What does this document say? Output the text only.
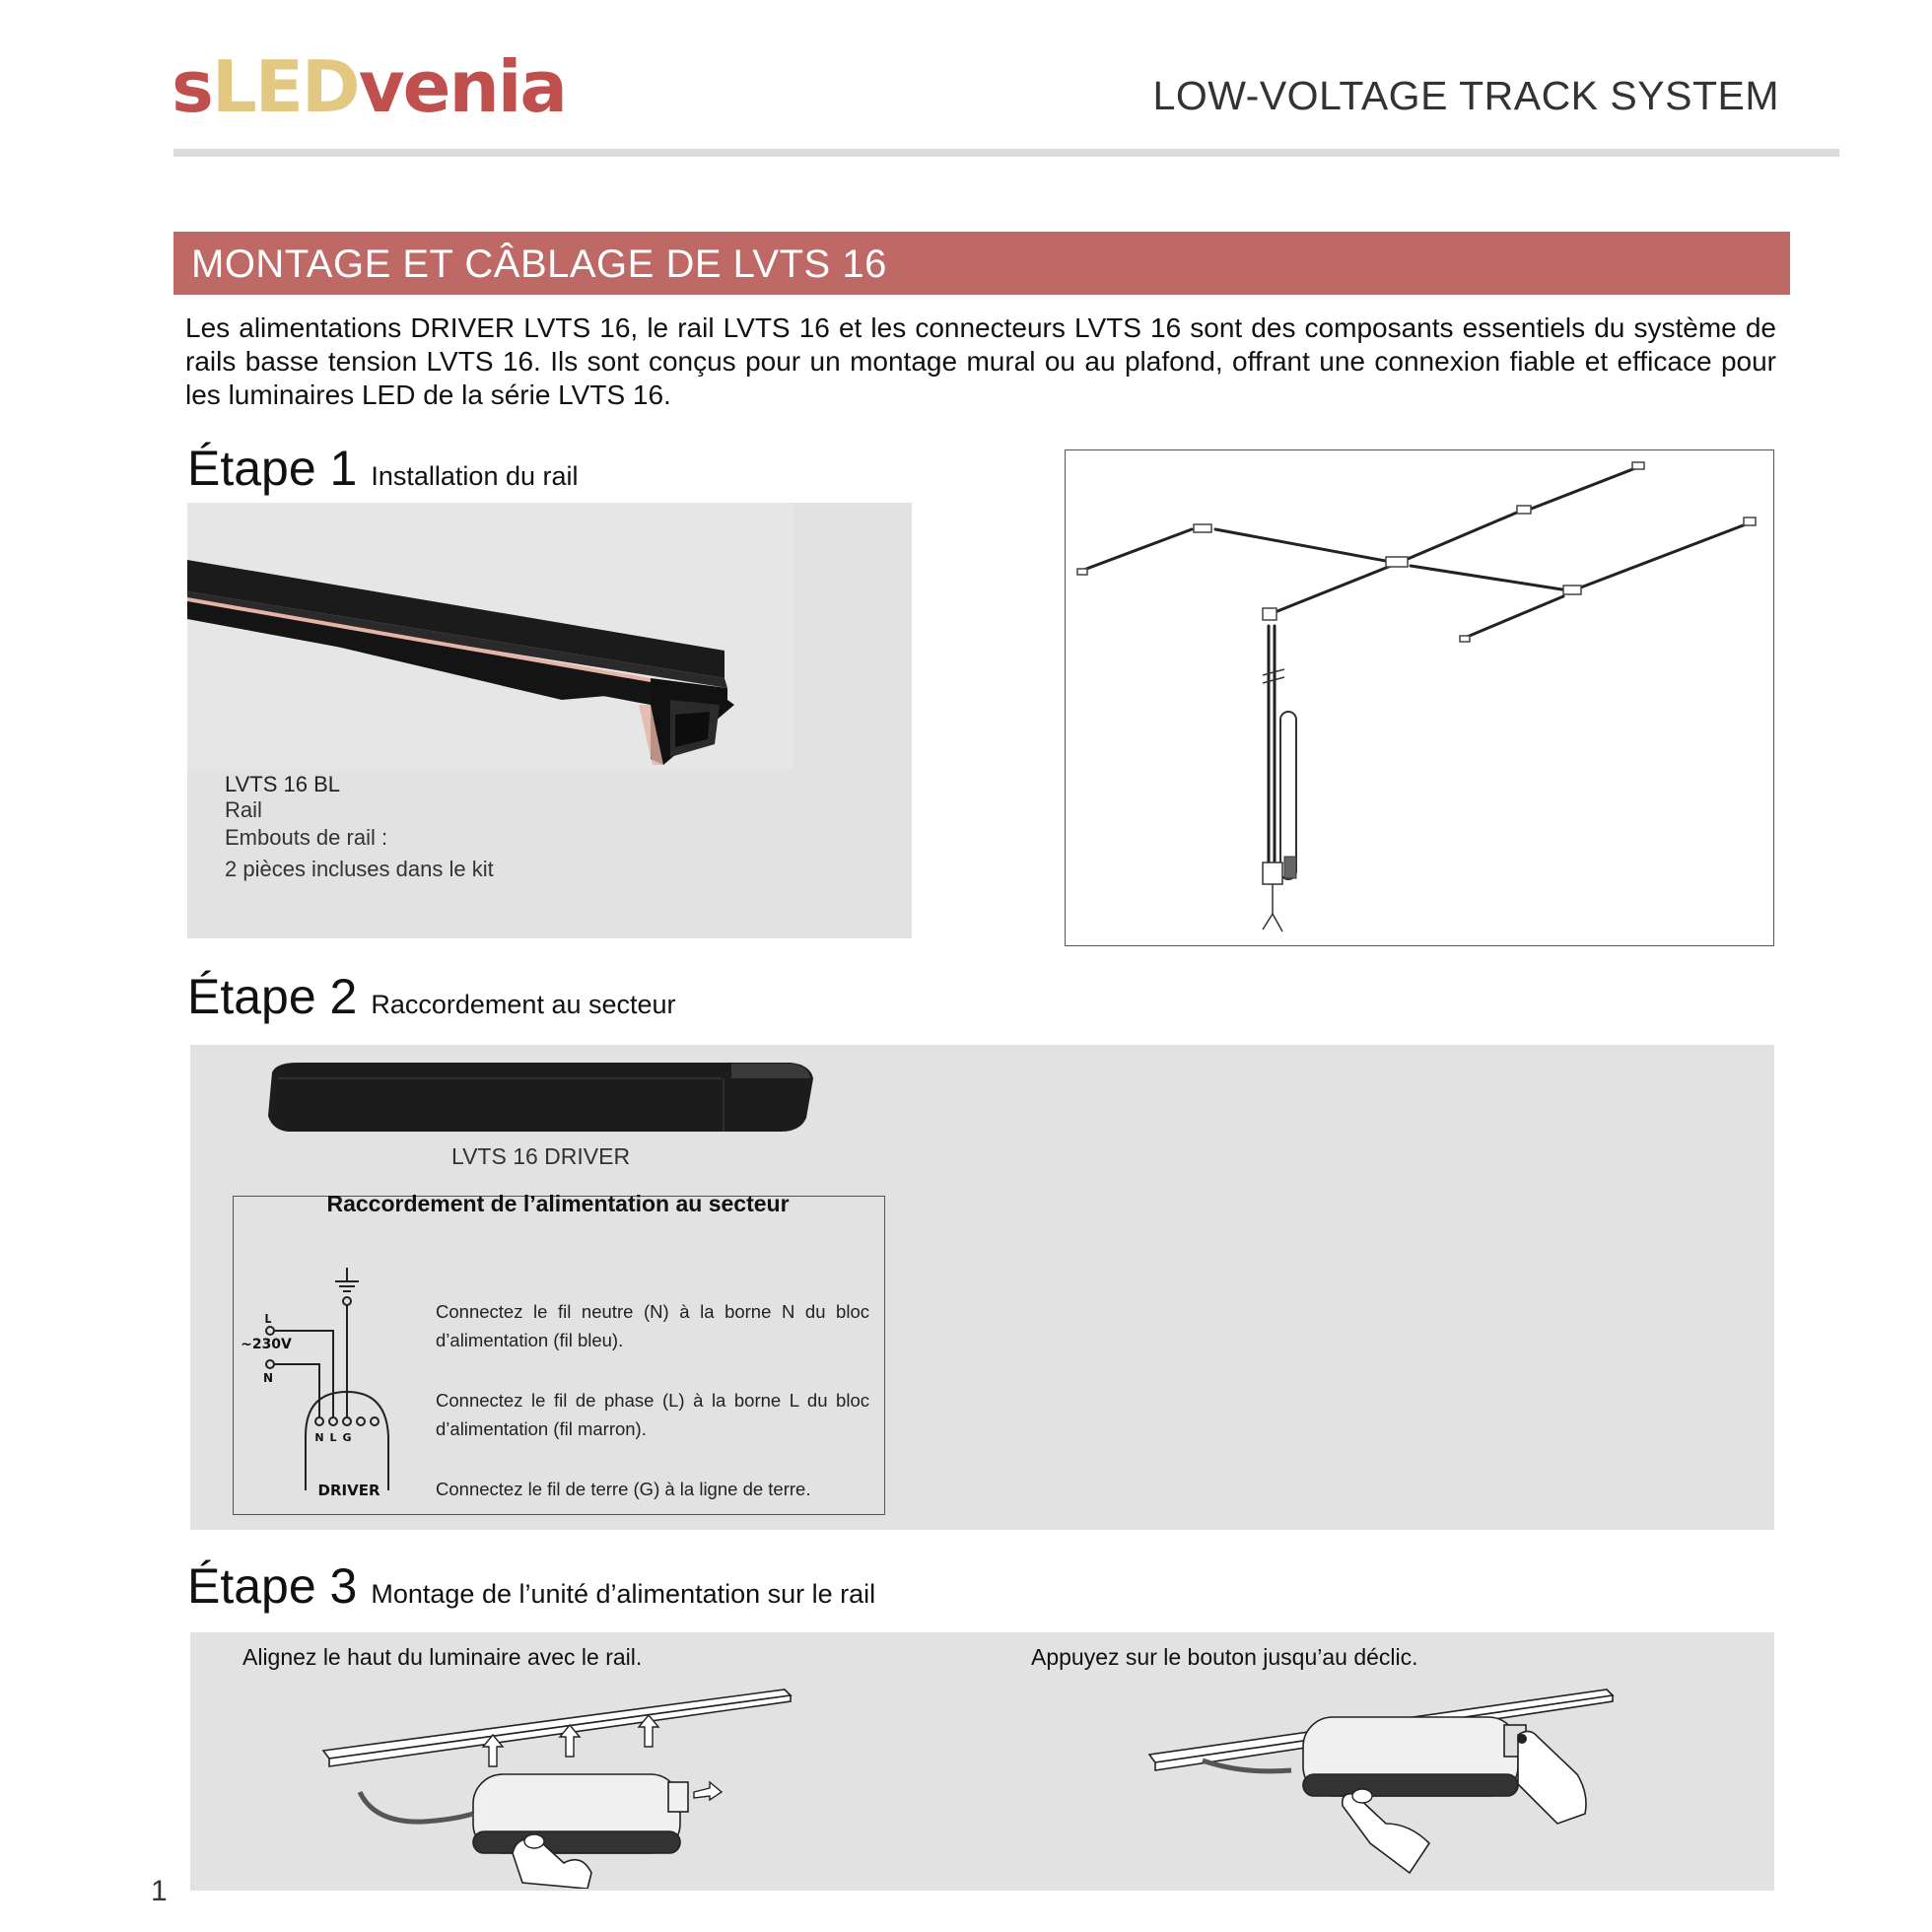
sLEDvenia	LOW-VOLTAGE TRACK SYSTEM
MONTAGE ET CÂBLAGE DE LVTS 16
Les alimentations DRIVER LVTS 16, le rail LVTS 16 et les connecteurs LVTS 16 sont des composants essentiels du système de rails basse tension LVTS 16. Ils sont conçus pour un montage mural ou au plafond, offrant une connexion fiable et efficace pour les luminaires LED de la série LVTS 16.
Étape 1 Installation du rail
LVTS 16 BL
Rail
Embouts de rail :
2 pièces incluses dans le kit
Étape 2 Raccordement au secteur
LVTS 16 DRIVER
Raccordement de l’alimentation au secteur
L
~230V
N
N L G
DRIVER
Connectez le fil neutre (N) à la borne N du bloc d’alimentation (fil bleu).
Connectez le fil de phase (L) à la borne L du bloc d’alimentation (fil marron).
Connectez le fil de terre (G) à la ligne de terre.
Étape 3 Montage de l’unité d’alimentation sur le rail
Alignez le haut du luminaire avec le rail.	Appuyez sur le bouton jusqu’au déclic.
1
